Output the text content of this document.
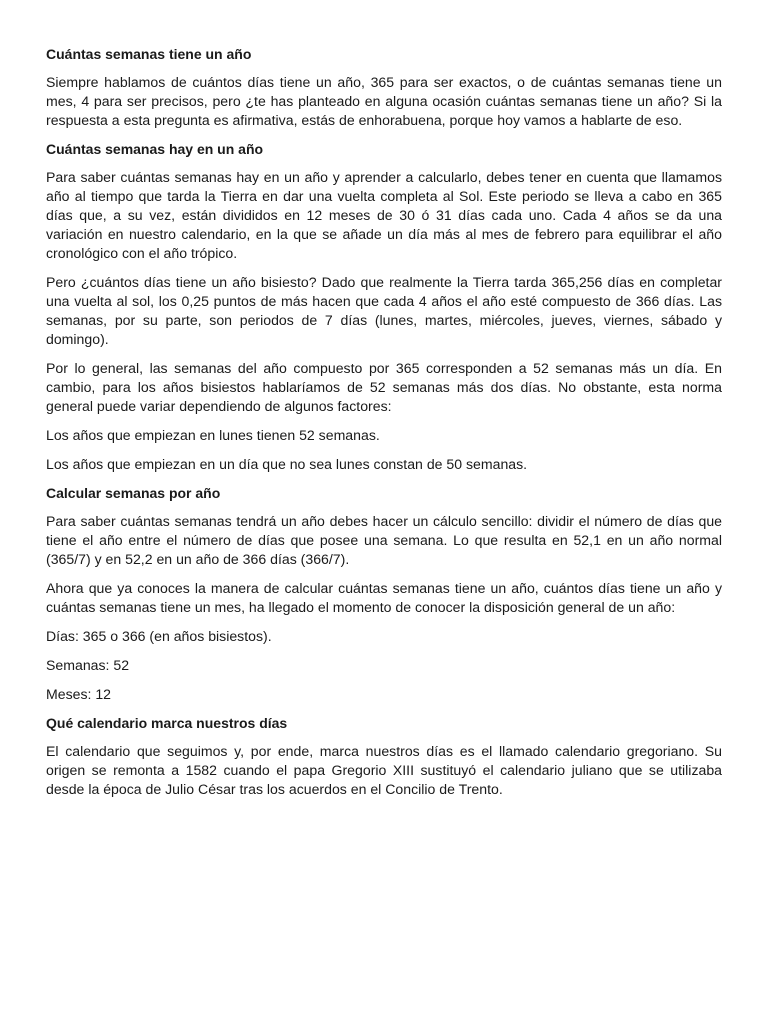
Cuántas semanas tiene un año

Siempre hablamos de cuántos días tiene un año, 365 para ser exactos, o de cuántas semanas tiene un mes, 4 para ser precisos, pero ¿te has planteado en alguna ocasión cuántas semanas tiene un año? Si la respuesta a esta pregunta es afirmativa, estás de enhorabuena, porque hoy vamos a hablarte de eso.

Cuántas semanas hay en un año

Para saber cuántas semanas hay en un año y aprender a calcularlo, debes tener en cuenta que llamamos año al tiempo que tarda la Tierra en dar una vuelta completa al Sol. Este periodo se lleva a cabo en 365 días que, a su vez, están divididos en 12 meses de 30 ó 31 días cada uno. Cada 4 años se da una variación en nuestro calendario, en la que se añade un día más al mes de febrero para equilibrar el año cronológico con el año trópico.

Pero ¿cuántos días tiene un año bisiesto? Dado que realmente la Tierra tarda 365,256 días en completar una vuelta al sol, los 0,25 puntos de más hacen que cada 4 años el año esté compuesto de 366 días. Las semanas, por su parte, son periodos de 7 días (lunes, martes, miércoles, jueves, viernes, sábado y domingo).

Por lo general, las semanas del año compuesto por 365 corresponden a 52 semanas más un día. En cambio, para los años bisiestos hablaríamos de 52 semanas más dos días. No obstante, esta norma general puede variar dependiendo de algunos factores:

Los años que empiezan en lunes tienen 52 semanas.

Los años que empiezan en un día que no sea lunes constan de 50 semanas.

Calcular semanas por año

Para saber cuántas semanas tendrá un año debes hacer un cálculo sencillo: dividir el número de días que tiene el año entre el número de días que posee una semana. Lo que resulta en 52,1 en un año normal (365/7) y en 52,2 en un año de 366 días (366/7).

Ahora que ya conoces la manera de calcular cuántas semanas tiene un año, cuántos días tiene un año y cuántas semanas tiene un mes, ha llegado el momento de conocer la disposición general de un año:

Días: 365 o 366 (en años bisiestos).

Semanas: 52

Meses: 12

Qué calendario marca nuestros días

El calendario que seguimos y, por ende, marca nuestros días es el llamado calendario gregoriano. Su origen se remonta a 1582 cuando el papa Gregorio XIII sustituyó el calendario juliano que se utilizaba desde la época de Julio César tras los acuerdos en el Concilio de Trento.
